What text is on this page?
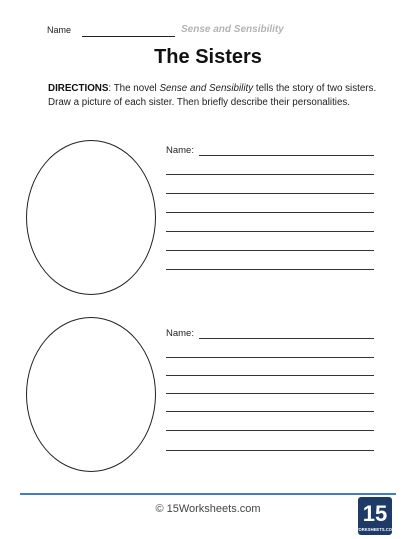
Name	Sense and Sensibility
The Sisters
DIRECTIONS: The novel Sense and Sensibility tells the story of two sisters. Draw a picture of each sister. Then briefly describe their personalities.
Name:
Name:
© 15Worksheets.com	15
WORKSHEETS.COM
